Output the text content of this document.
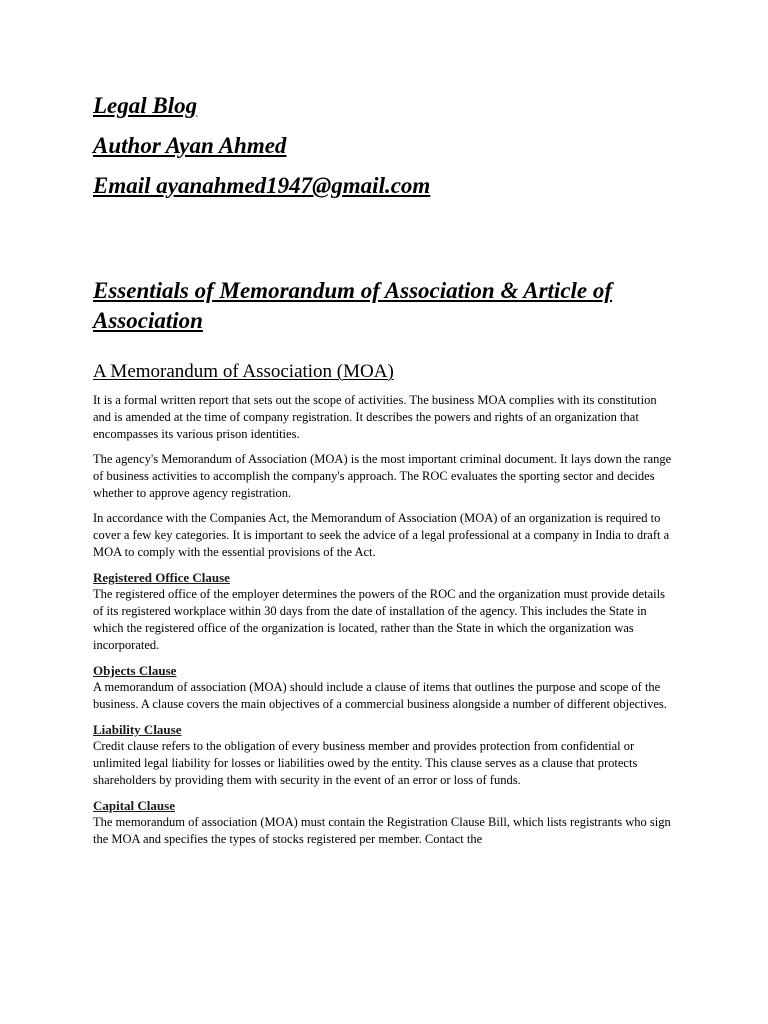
Legal Blog

Author Ayan Ahmed

Email ayanahmed1947@gmail.com

Essentials of Memorandum of Association & Article of Association
A Memorandum of Association (MOA)

It is a formal written report that sets out the scope of activities. The business MOA complies with its constitution and is amended at the time of company registration. It describes the powers and rights of an organization that encompasses its various prison identities.

The agency's Memorandum of Association (MOA) is the most important criminal document. It lays down the range of business activities to accomplish the company's approach. The ROC evaluates the sporting sector and decides whether to approve agency registration.

In accordance with the Companies Act, the Memorandum of Association (MOA) of an organization is required to cover a few key categories. It is important to seek the advice of a legal professional at a company in India to draft a MOA to comply with the essential provisions of the Act.

Registered Office Clause

The registered office of the employer determines the powers of the ROC and the organization must provide details of its registered workplace within 30 days from the date of installation of the agency. This includes the State in which the registered office of the organization is located, rather than the State in which the organization was incorporated.

Objects Clause

A memorandum of association (MOA) should include a clause of items that outlines the purpose and scope of the business. A clause covers the main objectives of a commercial business alongside a number of different objectives.

Liability Clause

Credit clause refers to the obligation of every business member and provides protection from confidential or unlimited legal liability for losses or liabilities owed by the entity. This clause serves as a clause that protects shareholders by providing them with security in the event of an error or loss of funds.

Capital Clause

The memorandum of association (MOA) must contain the Registration Clause Bill, which lists registrants who sign the MOA and specifies the types of stocks registered per member. Contact the
